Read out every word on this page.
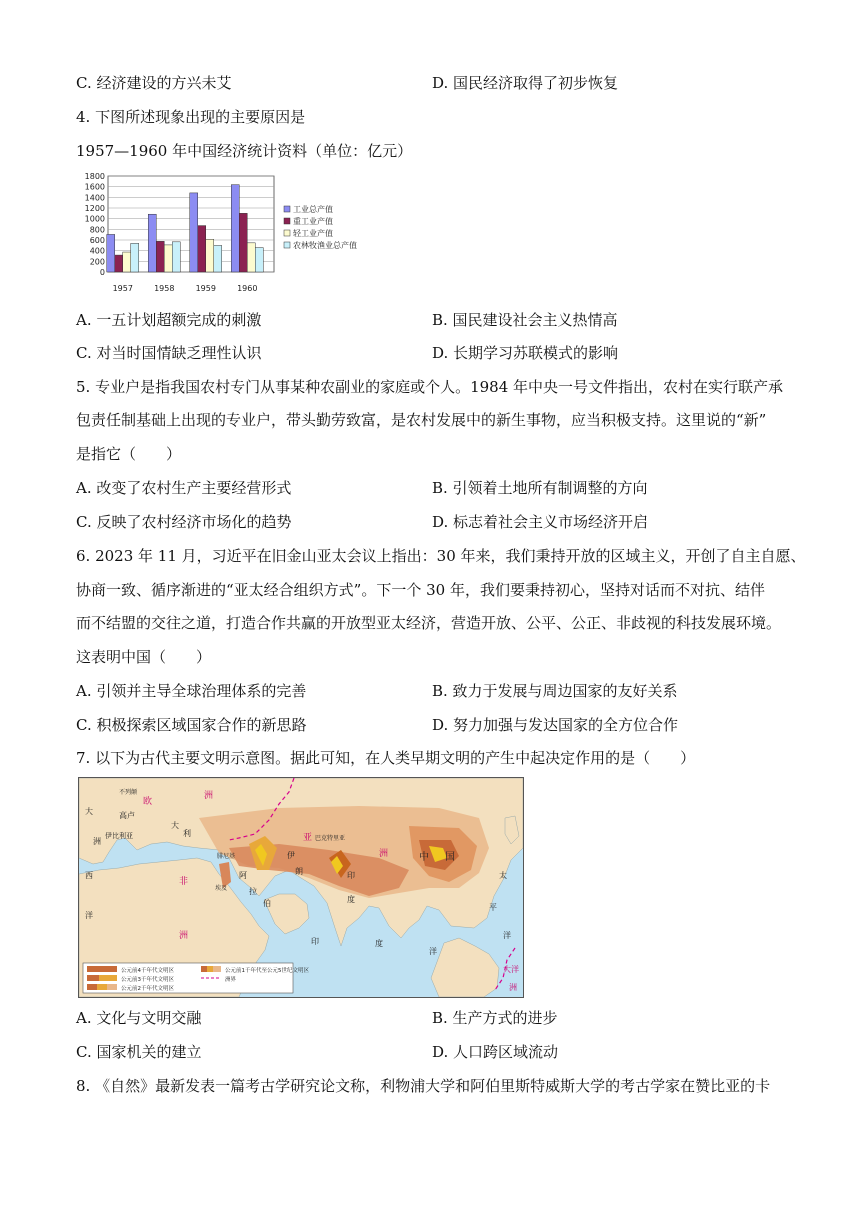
C. 经济建设的方兴未艾	D. 国民经济取得了初步恢复
4. 下图所述现象出现的主要原因是
1957—1960 年中国经济统计资料（单位：亿元）
0
200
400
600
800
1000
1200
1400
1600
1800
1957	1958	1959	1960
工业总产值
重工业产值
轻工业产值
农林牧渔业总产值
A. 一五计划超额完成的刺激	B. 国民建设社会主义热情高
C. 对当时国情缺乏理性认识	D. 长期学习苏联模式的影响
5. 专业户是指我国农村专门从事某种农副业的家庭或个人。1984 年中央一号文件指出，农村在实行联产承
包责任制基础上出现的专业户，带头勤劳致富，是农村发展中的新生事物，应当积极支持。这里说的“新”
是指它（　　）
A. 改变了农村生产主要经营形式	B. 引领着土地所有制调整的方向
C. 反映了农村经济市场化的趋势	D. 标志着社会主义市场经济开启
6. 2023 年 11 月，习近平在旧金山亚太会议上指出：30 年来，我们秉持开放的区域主义，开创了自主自愿、
协商一致、循序渐进的“亚太经合组织方式”。下一个 30 年，我们要秉持初心，坚持对话而不对抗、结伴
而不结盟的交往之道，打造合作共赢的开放型亚太经济，营造开放、公平、公正、非歧视的科技发展环境。
这表明中国（　　）
A. 引领并主导全球治理体系的完善	B. 致力于发展与周边国家的友好关系
C. 积极探索区域国家合作的新思路	D. 努力加强与发达国家的全方位合作
7. 以下为古代主要文明示意图。据此可知，在人类早期文明的产生中起决定作用的是（　　）
大
洲
洲
亚
洲
欧
高卢
不列颠
伊比利亚
大
利
腓尼基	伊
朗
非
洲
西
洋
阿
拉
伯
埃及
印
度
巴克特里亚
中 国
太
平
洋
印	度
洋
大洋
洲
公元前4千年代文明区
公元前3千年代文明区
公元前2千年代文明区
公元前1千年代至公元5世纪文明区
洲界
A. 文化与文明交融	B. 生产方式的进步
C. 国家机关的建立	D. 人口跨区域流动
8. 《自然》最新发表一篇考古学研究论文称，利物浦大学和阿伯里斯特威斯大学的考古学家在赞比亚的卡
